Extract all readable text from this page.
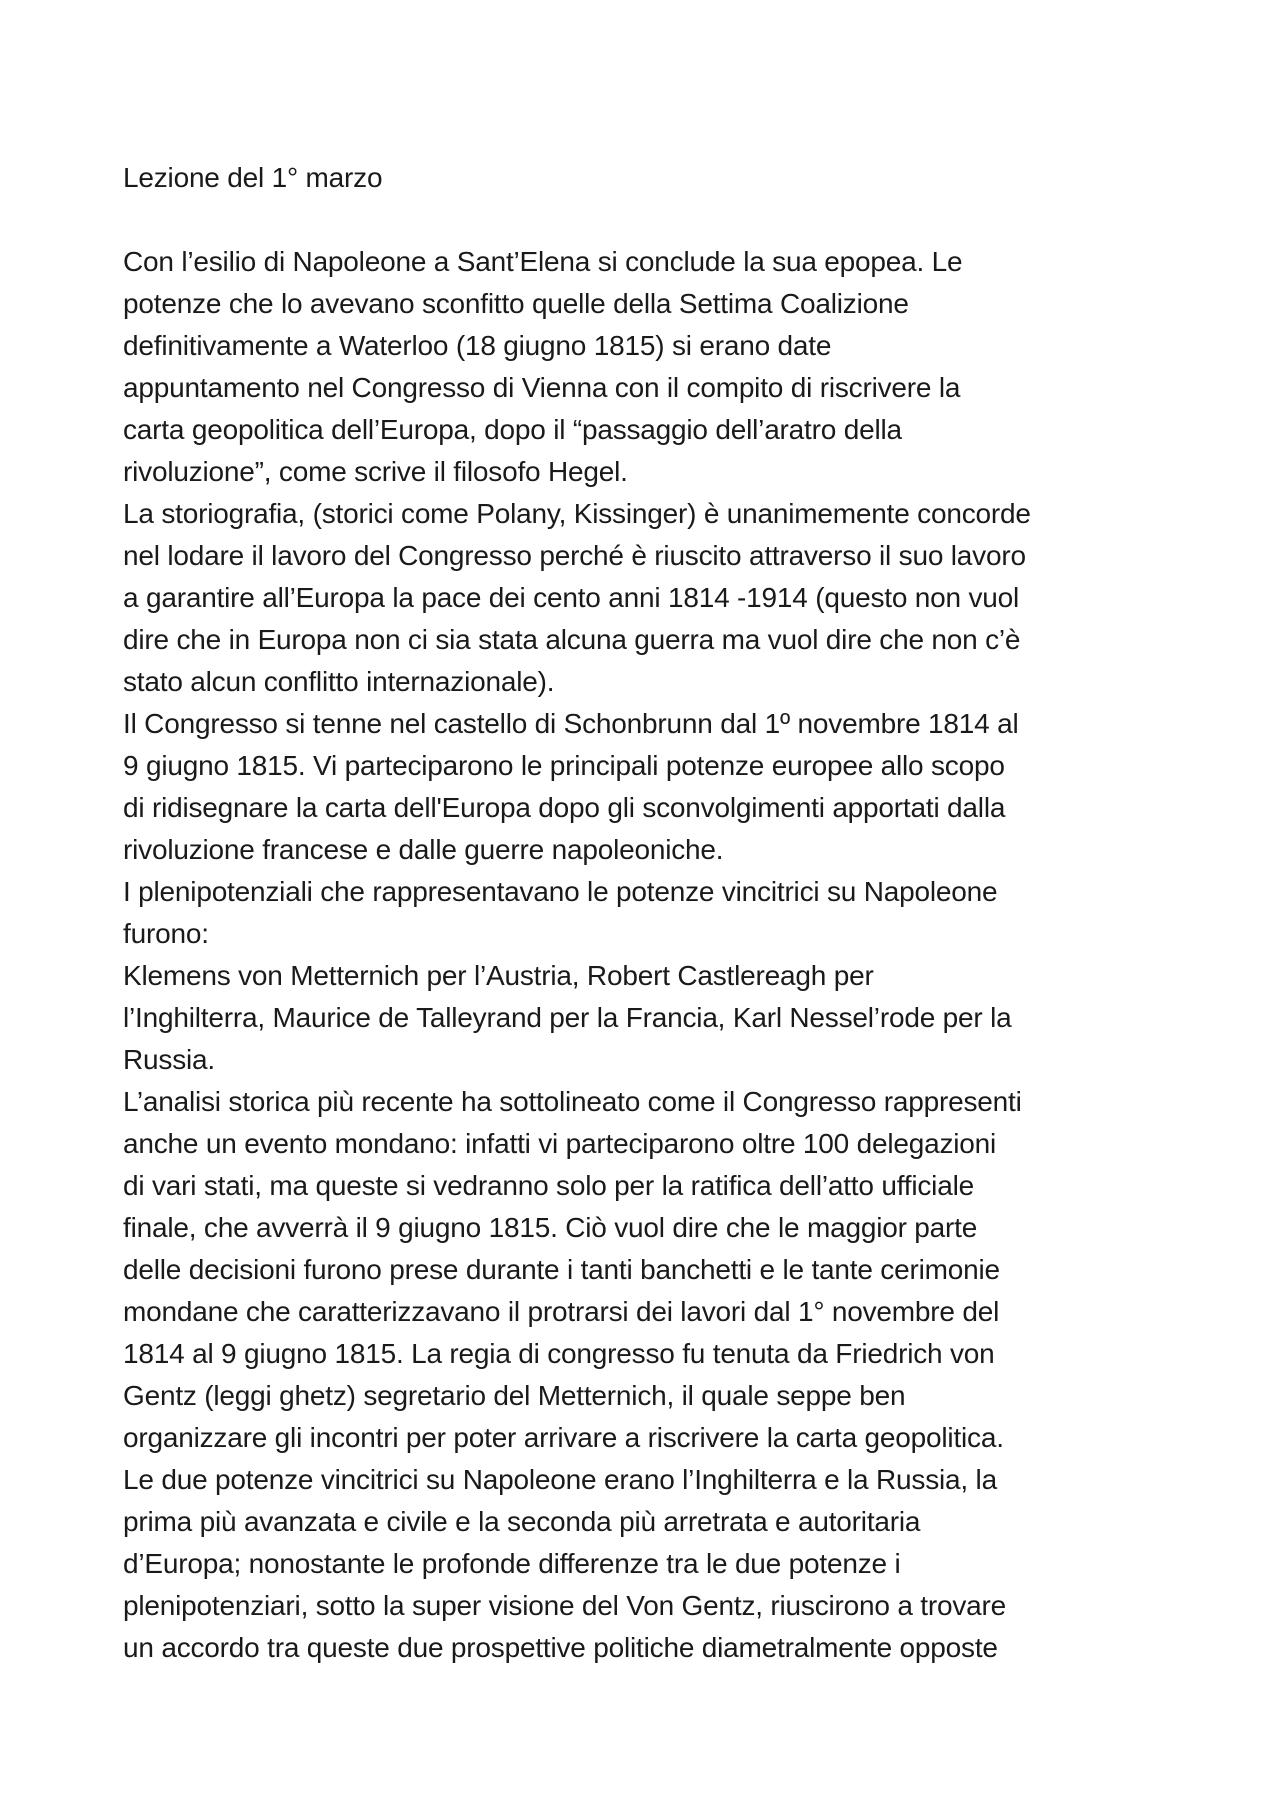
Lezione del 1° marzo
Con l’esilio di Napoleone a Sant’Elena si conclude la sua epopea. Le
potenze che lo avevano sconfitto quelle della Settima Coalizione
definitivamente a Waterloo (18 giugno 1815) si erano date
appuntamento nel Congresso di Vienna con il compito di riscrivere la
carta geopolitica dell’Europa, dopo il “passaggio dell’aratro della
rivoluzione”, come scrive il filosofo Hegel.
La storiografia, (storici come Polany, Kissinger) è unanimemente concorde
nel lodare il lavoro del Congresso perché è riuscito attraverso il suo lavoro
a garantire all’Europa la pace dei cento anni 1814 -1914 (questo non vuol
dire che in Europa non ci sia stata alcuna guerra ma vuol dire che non c’è
stato alcun conflitto internazionale).
Il Congresso si tenne nel castello di Schonbrunn dal 1º novembre 1814 al
9 giugno 1815. Vi parteciparono le principali potenze europee allo scopo
di ridisegnare la carta dell'Europa dopo gli sconvolgimenti apportati dalla
rivoluzione francese e dalle guerre napoleoniche.
I plenipotenziali che rappresentavano le potenze vincitrici su Napoleone
furono:
Klemens von Metternich per l’Austria, Robert Castlereagh per
l’Inghilterra, Maurice de Talleyrand per la Francia, Karl Nessel’rode per la
Russia.
L’analisi storica più recente ha sottolineato come il Congresso rappresenti
anche un evento mondano: infatti vi parteciparono oltre 100 delegazioni
di vari stati, ma queste si vedranno solo per la ratifica dell’atto ufficiale
finale, che avverrà il 9 giugno 1815. Ciò vuol dire che le maggior parte
delle decisioni furono prese durante i tanti banchetti e le tante cerimonie
mondane che caratterizzavano il protrarsi dei lavori dal 1° novembre del
1814 al 9 giugno 1815. La regia di congresso fu tenuta da Friedrich von
Gentz (leggi ghetz) segretario del Metternich, il quale seppe ben
organizzare gli incontri per poter arrivare a riscrivere la carta geopolitica.
Le due potenze vincitrici su Napoleone erano l’Inghilterra e la Russia, la
prima più avanzata e civile e la seconda più arretrata e autoritaria
d’Europa; nonostante le profonde differenze tra le due potenze i
plenipotenziari, sotto la super visione del Von Gentz, riuscirono a trovare
un accordo tra queste due prospettive politiche diametralmente opposte
